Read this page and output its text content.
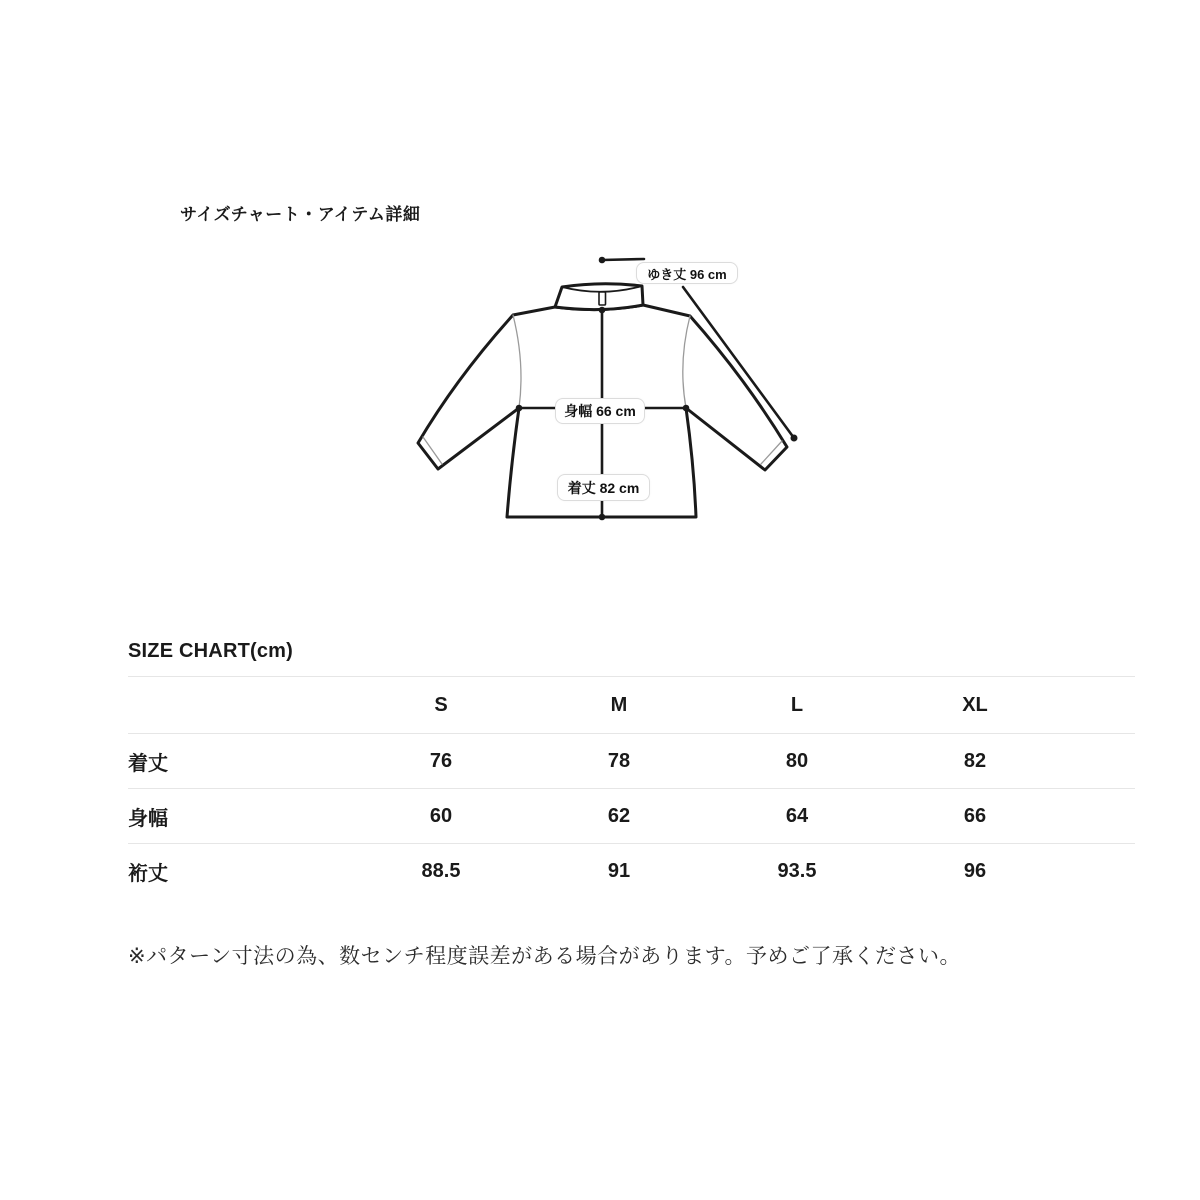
サイズチャート・アイテム詳細
ゆき丈 96 cm
身幅 66 cm
着丈 82 cm
SIZE CHART(cm)
	S	M	L	XL	
着丈	76	78	80	82	
身幅	60	62	64	66	
裄丈	88.5	91	93.5	96	
※パターン寸法の為、数センチ程度誤差がある場合があります。予めご了承ください。
